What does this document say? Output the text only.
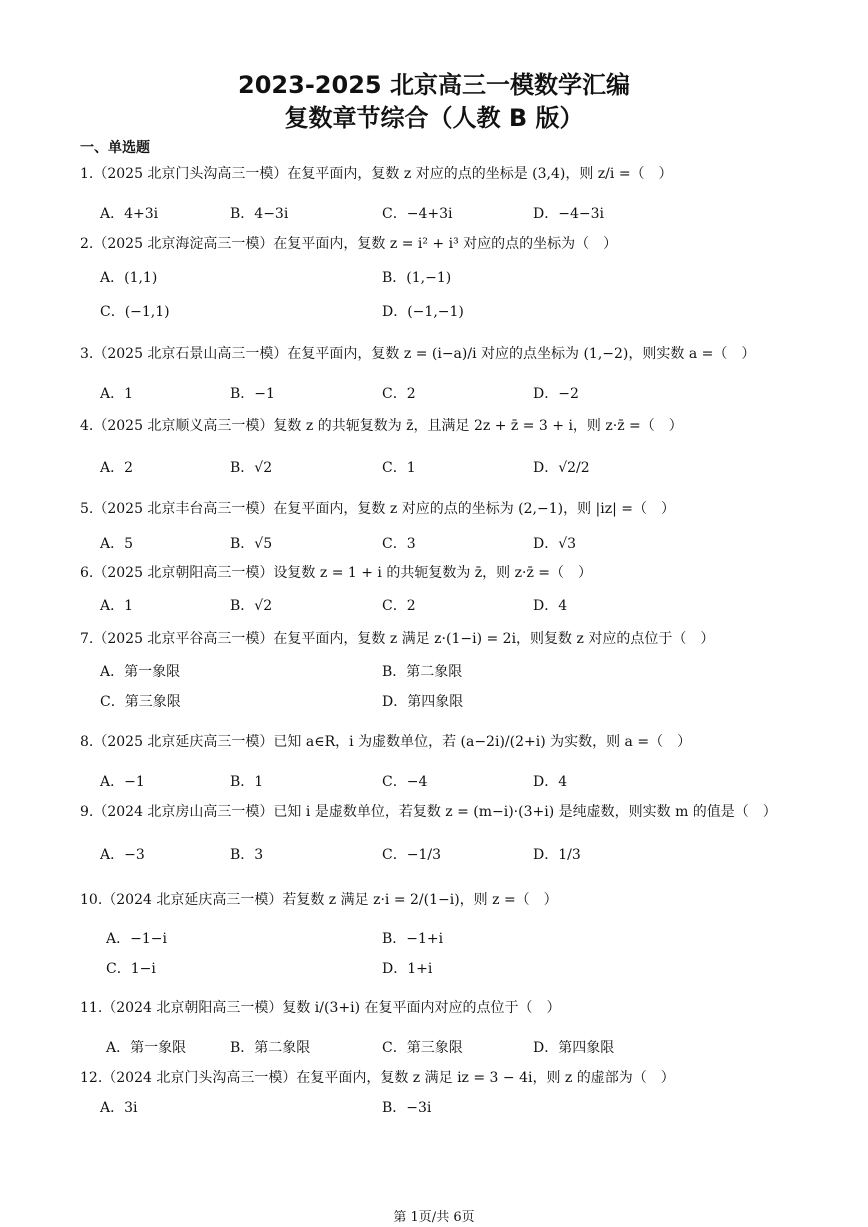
2023-2025 北京高三一模数学汇编
复数章节综合（人教 B 版）
一、单选题
1.（2025 北京门头沟高三一模）在复平面内，复数 z 对应的点的坐标是 (3,4)，则 z/i =（　）
A．4+3i	B．4−3i	C．−4+3i	D．−4−3i
2.（2025 北京海淀高三一模）在复平面内，复数 z = i² + i³ 对应的点的坐标为（　）
A．(1,1)	B．(1,−1)
C．(−1,1)	D．(−1,−1)
3.（2025 北京石景山高三一模）在复平面内，复数 z = (i−a)/i 对应的点坐标为 (1,−2)，则实数 a =（　）
A．1	B．−1	C．2	D．−2
4.（2025 北京顺义高三一模）复数 z 的共轭复数为 z̄，且满足 2z + z̄ = 3 + i，则 z·z̄ =（　）
A．2	B．√2	C．1	D．√2/2
5.（2025 北京丰台高三一模）在复平面内，复数 z 对应的点的坐标为 (2,−1)，则 |iz| =（　）
A．5	B．√5	C．3	D．√3
6.（2025 北京朝阳高三一模）设复数 z = 1 + i 的共轭复数为 z̄，则 z·z̄ =（　）
A．1	B．√2	C．2	D．4
7.（2025 北京平谷高三一模）在复平面内，复数 z 满足 z·(1−i) = 2i，则复数 z 对应的点位于（　）
A．第一象限	B．第二象限
C．第三象限	D．第四象限
8.（2025 北京延庆高三一模）已知 a∈R，i 为虚数单位，若 (a−2i)/(2+i) 为实数，则 a =（　）
A．−1	B．1	C．−4	D．4
9.（2024 北京房山高三一模）已知 i 是虚数单位，若复数 z = (m−i)·(3+i) 是纯虚数，则实数 m 的值是（　）
A．−3	B．3	C．−1/3	D．1/3
10.（2024 北京延庆高三一模）若复数 z 满足 z·i = 2/(1−i)，则 z =（　）
A．−1−i	B．−1+i
C．1−i	D．1+i
11.（2024 北京朝阳高三一模）复数 i/(3+i) 在复平面内对应的点位于（　）
A．第一象限	B．第二象限	C．第三象限	D．第四象限
12.（2024 北京门头沟高三一模）在复平面内，复数 z 满足 iz = 3 − 4i，则 z 的虚部为（　）
A．3i	B．−3i
第 1页/共 6页
